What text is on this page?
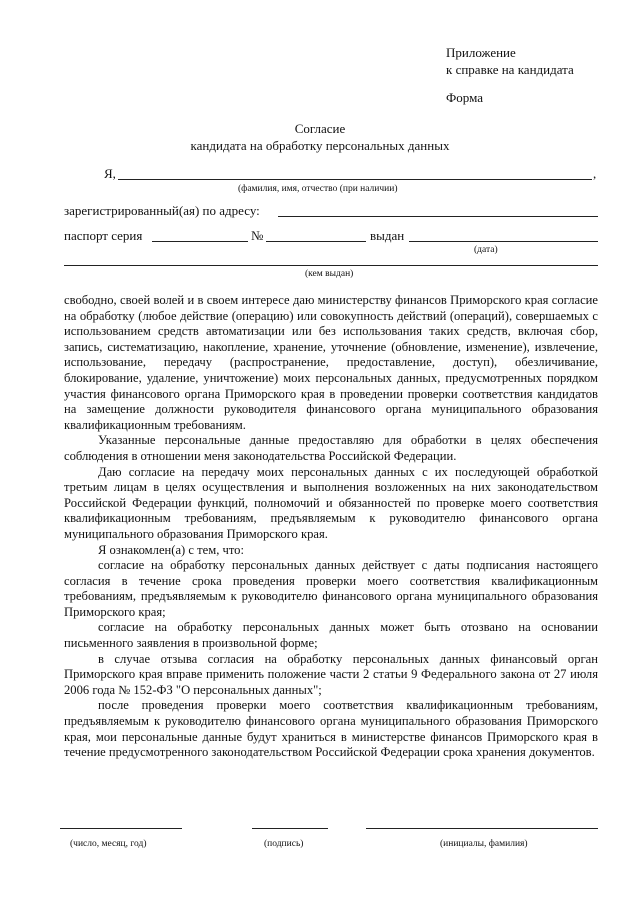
Приложение
к справке на кандидата
Форма
Согласие
кандидата на обработку персональных данных
Я,	,
(фамилия, имя, отчество (при наличии)
зарегистрированный(ая) по адресу:
паспорт серия	№	выдан
(дата)
(кем выдан)

свободно, своей волей и в своем интересе даю министерству финансов Приморского края согласие на обработку (любое действие (операцию) или совокупность действий (операций), совершаемых с использованием средств автоматизации или без использования таких средств, включая сбор, запись, систематизацию, накопление, хранение, уточнение (обновление, изменение), извлечение, использование, передачу (распространение, предоставление, доступ), обезличивание, блокирование, удаление, уничтожение) моих персональных данных, предусмотренных порядком участия финансового органа Приморского края в проведении проверки соответствия кандидатов на замещение должности руководителя финансового органа муниципального образования квалификационным требованиям.

Указанные персональные данные предоставляю для обработки в целях обеспечения соблюдения в отношении меня законодательства Российской Федерации.

Даю согласие на передачу моих персональных данных с их последующей обработкой третьим лицам в целях осуществления и выполнения возложенных на них законодательством Российской Федерации функций, полномочий и обязанностей по проверке моего соответствия квалификационным требованиям, предъявляемым к руководителю финансового органа муниципального образования Приморского края.

Я ознакомлен(а) с тем, что:

согласие на обработку персональных данных действует с даты подписания настоящего согласия в течение срока проведения проверки моего соответствия квалификационным требованиям, предъявляемым к руководителю финансового органа муниципального образования Приморского края;

согласие на обработку персональных данных может быть отозвано на основании письменного заявления в произвольной форме;

в случае отзыва согласия на обработку персональных данных финансовый орган Приморского края вправе применить положение части 2 статьи 9 Федерального закона от 27 июля 2006 года № 152-ФЗ "О персональных данных";

после проведения проверки моего соответствия квалификационным требованиям, предъявляемым к руководителю финансового органа муниципального образования Приморского края, мои персональные данные будут храниться в министерстве финансов Приморского края в течение предусмотренного законодательством Российской Федерации срока хранения документов.

(число, месяц, год)	(подпись)	(инициалы, фамилия)
